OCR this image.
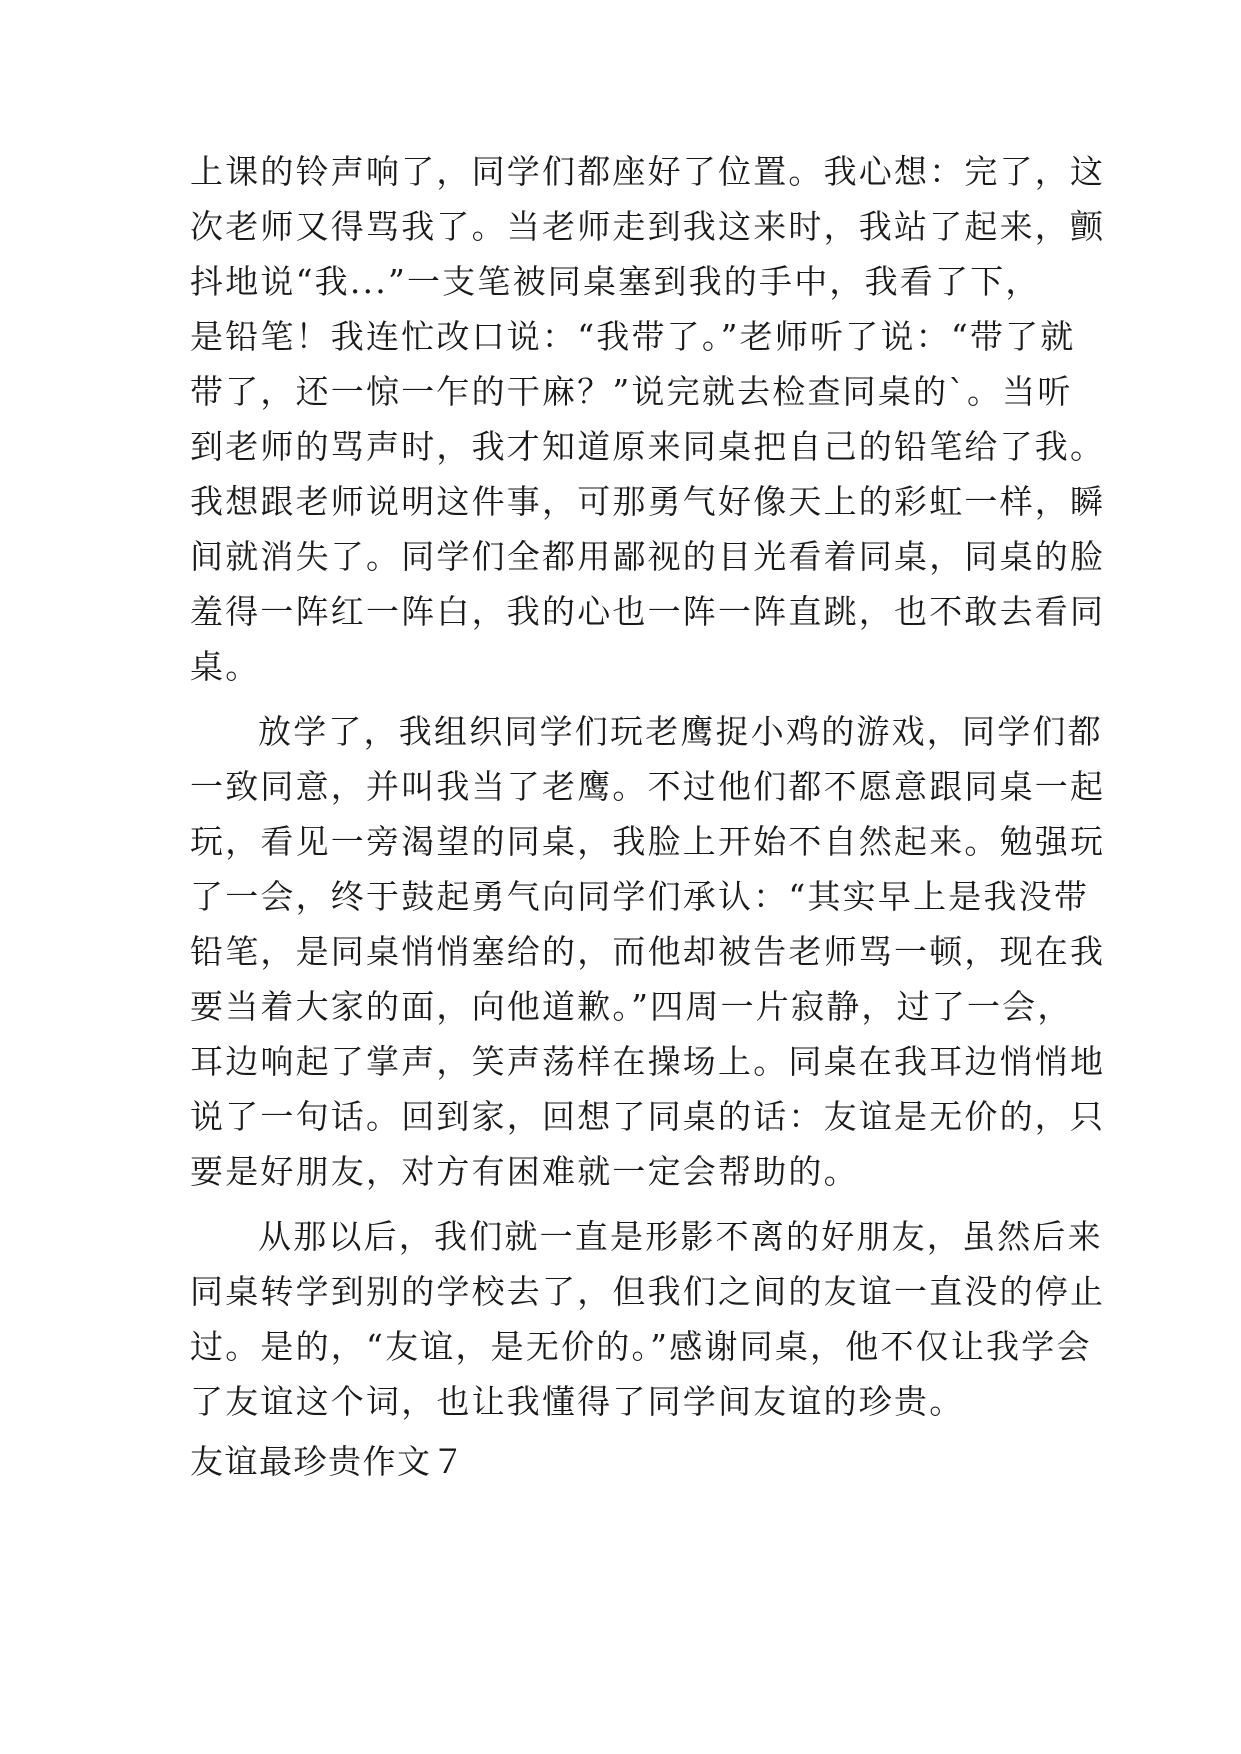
上课的铃声响了，同学们都座好了位置。我心想：完了，这
次老师又得骂我了。当老师走到我这来时，我站了起来，颤
抖地说“我...”一支笔被同桌塞到我的手中，我看了下，
是铅笔！我连忙改口说：“我带了。”老师听了说：“带了就
带了，还一惊一乍的干麻？”说完就去检查同桌的`。当听
到老师的骂声时，我才知道原来同桌把自己的铅笔给了我。
我想跟老师说明这件事，可那勇气好像天上的彩虹一样，瞬
间就消失了。同学们全都用鄙视的目光看着同桌，同桌的脸
羞得一阵红一阵白，我的心也一阵一阵直跳，也不敢去看同
桌。
放学了，我组织同学们玩老鹰捉小鸡的游戏，同学们都
一致同意，并叫我当了老鹰。不过他们都不愿意跟同桌一起
玩，看见一旁渴望的同桌，我脸上开始不自然起来。勉强玩
了一会，终于鼓起勇气向同学们承认：“其实早上是我没带
铅笔，是同桌悄悄塞给的，而他却被告老师骂一顿，现在我
要当着大家的面，向他道歉。”四周一片寂静，过了一会，
耳边响起了掌声，笑声荡样在操场上。同桌在我耳边悄悄地
说了一句话。回到家，回想了同桌的话：友谊是无价的，只
要是好朋友，对方有困难就一定会帮助的。
从那以后，我们就一直是形影不离的好朋友，虽然后来
同桌转学到别的学校去了，但我们之间的友谊一直没的停止
过。是的，“友谊，是无价的。”感谢同桌，他不仅让我学会
了友谊这个词，也让我懂得了同学间友谊的珍贵。
友谊最珍贵作文７
